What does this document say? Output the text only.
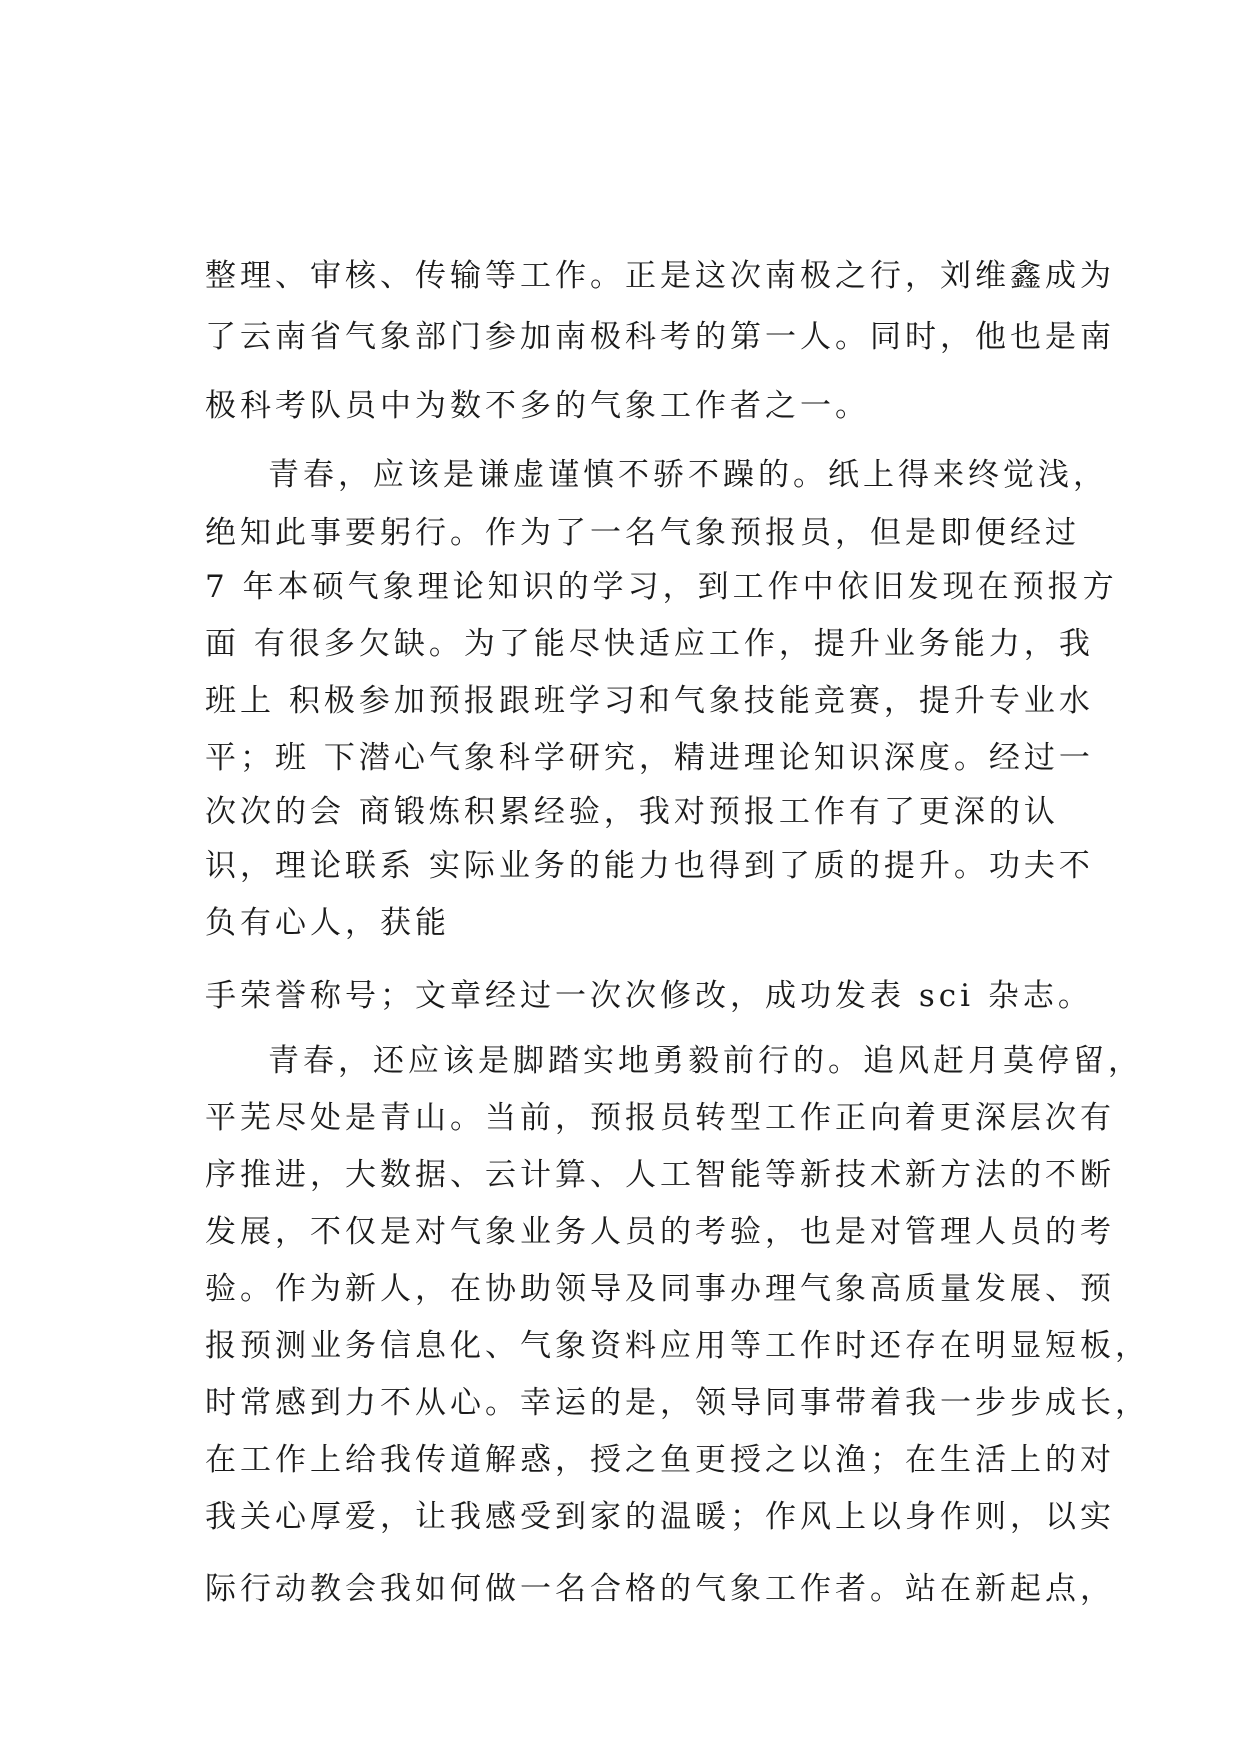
整理、审核、传输等工作。正是这次南极之行，刘维鑫成为
了云南省气象部门参加南极科考的第一人。同时，他也是南
极科考队员中为数不多的气象工作者之一。
青春，应该是谦虚谨慎不骄不躁的。纸上得来终觉浅，
绝知此事要躬行。作为了一名气象预报员，但是即便经过
7 年本硕气象理论知识的学习，到工作中依旧发现在预报方
面 有很多欠缺。为了能尽快适应工作，提升业务能力，我
班上 积极参加预报跟班学习和气象技能竞赛，提升专业水
平；班 下潜心气象科学研究，精进理论知识深度。经过一
次次的会 商锻炼积累经验，我对预报工作有了更深的认
识，理论联系 实际业务的能力也得到了质的提升。功夫不
负有心人，获能
手荣誉称号；文章经过一次次修改，成功发表 sci 杂志。
青春，还应该是脚踏实地勇毅前行的。追风赶月莫停留，
平芜尽处是青山。当前，预报员转型工作正向着更深层次有
序推进，大数据、云计算、人工智能等新技术新方法的不断
发展，不仅是对气象业务人员的考验，也是对管理人员的考
验。作为新人，在协助领导及同事办理气象高质量发展、预
报预测业务信息化、气象资料应用等工作时还存在明显短板，
时常感到力不从心。幸运的是，领导同事带着我一步步成长，
在工作上给我传道解惑，授之鱼更授之以渔；在生活上的对
我关心厚爱，让我感受到家的温暖；作风上以身作则，以实
际行动教会我如何做一名合格的气象工作者。站在新起点，
